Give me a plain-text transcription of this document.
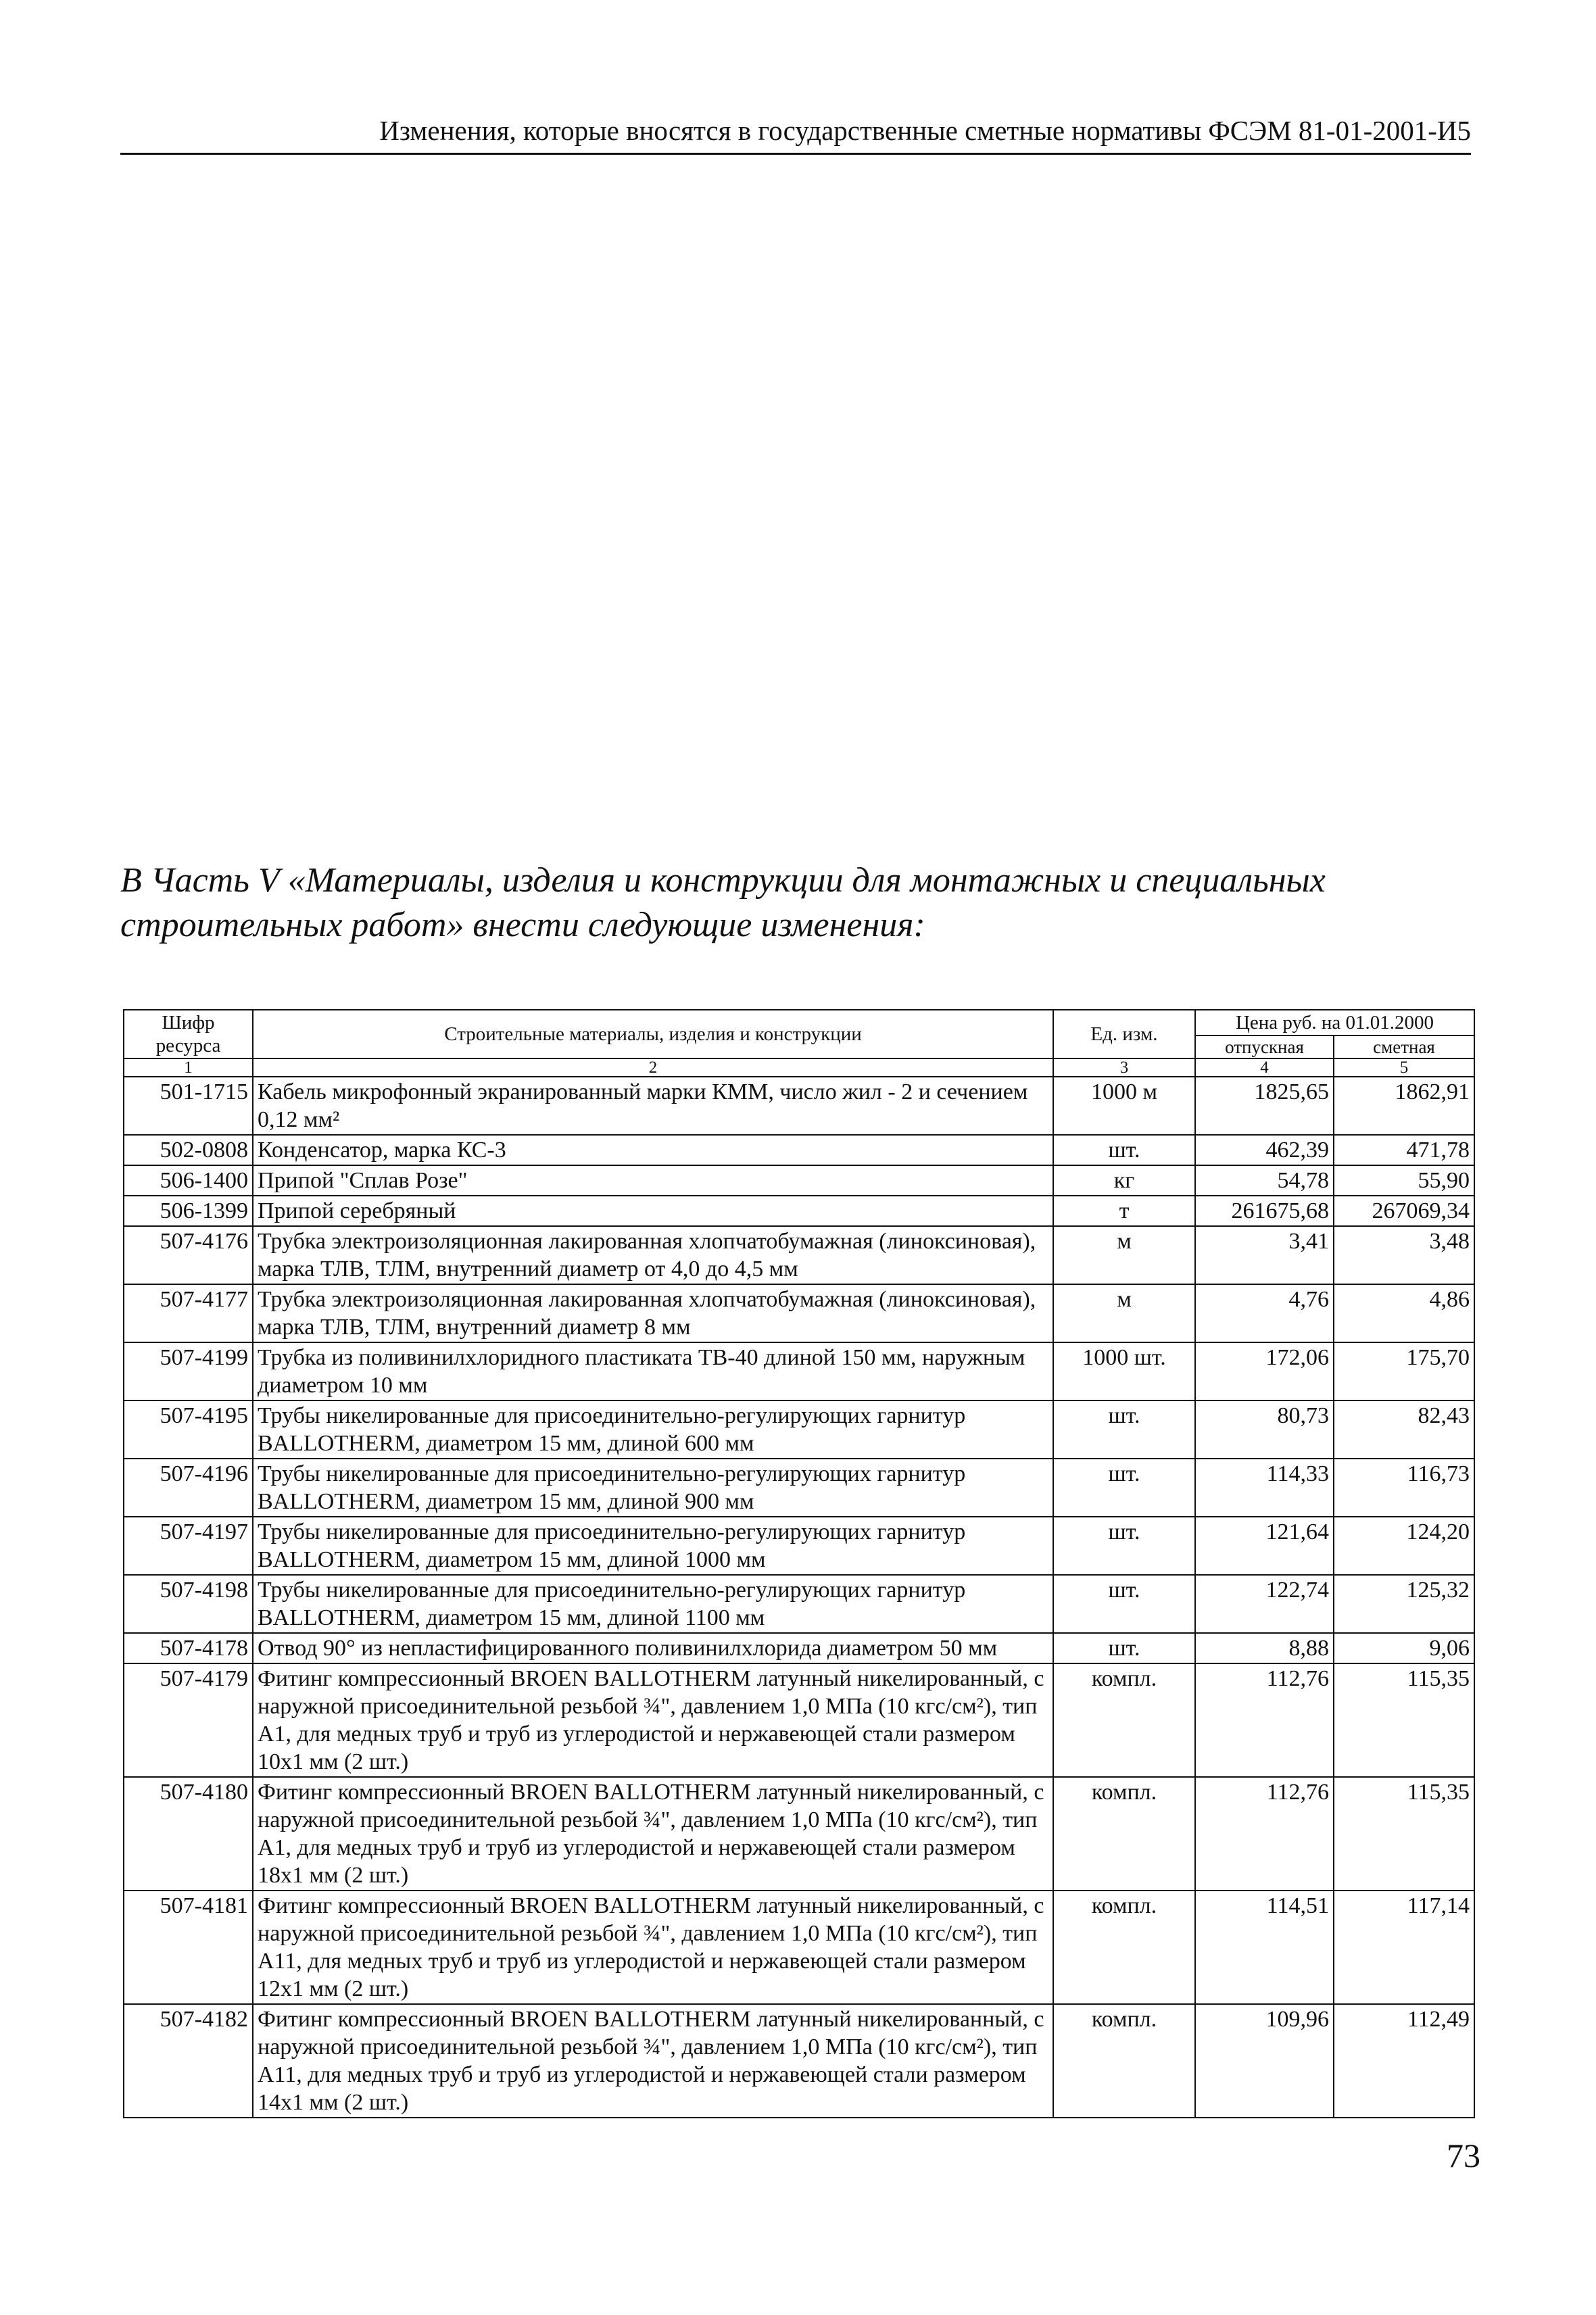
Изменения, которые вносятся в государственные сметные нормативы ФСЭМ 81-01-2001-И5
В Часть V «Материалы, изделия и конструкции для монтажных и специальных строительных работ» внести следующие изменения:
Шифр ресурса	Строительные материалы, изделия и конструкции	Ед. изм.	Цена руб. на 01.01.2000	
			отпускная	сметная
1	2	3	4	5
501-1715	Кабель микрофонный экранированный марки КММ, число жил - 2 и сечением 0,12 мм²	1000 м	1825,65	1862,91
502-0808	Конденсатор, марка КС-3	шт.	462,39	471,78
506-1400	Припой "Сплав Розе"	кг	54,78	55,90
506-1399	Припой серебряный	т	261675,68	267069,34
507-4176	Трубка электроизоляционная лакированная хлопчатобумажная (линоксиновая), марка ТЛВ, ТЛМ, внутренний диаметр от 4,0 до 4,5 мм	м	3,41	3,48
507-4177	Трубка электроизоляционная лакированная хлопчатобумажная (линоксиновая), марка ТЛВ, ТЛМ, внутренний диаметр 8 мм	м	4,76	4,86
507-4199	Трубка из поливинилхлоридного пластиката ТВ-40 длиной 150 мм, наружным диаметром 10 мм	1000 шт.	172,06	175,70
507-4195	Трубы никелированные для присоединительно-регулирующих гарнитур BALLOTHERM, диаметром 15 мм, длиной 600 мм	шт.	80,73	82,43
507-4196	Трубы никелированные для присоединительно-регулирующих гарнитур BALLOTHERM, диаметром 15 мм, длиной 900 мм	шт.	114,33	116,73
507-4197	Трубы никелированные для присоединительно-регулирующих гарнитур BALLOTHERM, диаметром 15 мм, длиной 1000 мм	шт.	121,64	124,20
507-4198	Трубы никелированные для присоединительно-регулирующих гарнитур BALLOTHERM, диаметром 15 мм, длиной 1100 мм	шт.	122,74	125,32
507-4178	Отвод 90° из непластифицированного поливинилхлорида диаметром 50 мм	шт.	8,88	9,06
507-4179	Фитинг компрессионный BROEN BALLOTHERM латунный никелированный, с наружной присоединительной резьбой ¾", давлением 1,0 МПа (10 кгс/см²), тип А1, для медных труб и труб из углеродистой и нержавеющей стали размером 10х1 мм (2 шт.)	компл.	112,76	115,35
507-4180	Фитинг компрессионный BROEN BALLOTHERM латунный никелированный, с наружной присоединительной резьбой ¾", давлением 1,0 МПа (10 кгс/см²), тип А1, для медных труб и труб из углеродистой и нержавеющей стали размером 18х1 мм (2 шт.)	компл.	112,76	115,35
507-4181	Фитинг компрессионный BROEN BALLOTHERM латунный никелированный, с наружной присоединительной резьбой ¾", давлением 1,0 МПа (10 кгс/см²), тип А11, для медных труб и труб из углеродистой и нержавеющей стали размером 12х1 мм (2 шт.)	компл.	114,51	117,14
507-4182	Фитинг компрессионный BROEN BALLOTHERM латунный никелированный, с наружной присоединительной резьбой ¾", давлением 1,0 МПа (10 кгс/см²), тип А11, для медных труб и труб из углеродистой и нержавеющей стали размером 14х1 мм (2 шт.)	компл.	109,96	112,49
73
